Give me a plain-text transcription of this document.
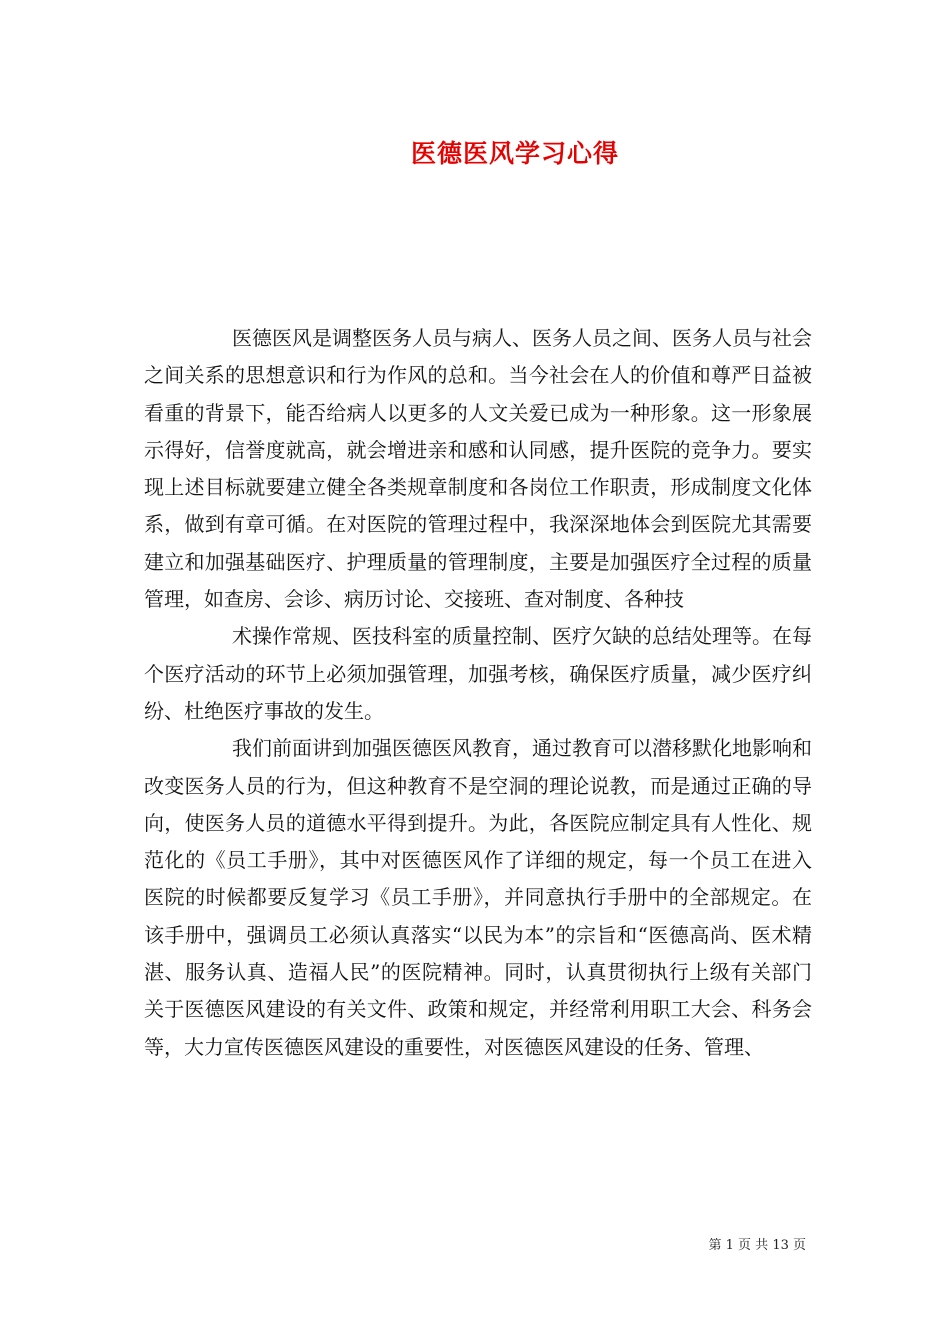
医德医风学习心得

医德医风是调整医务人员与病人、医务人员之间、医务人员与社会之间关系的思想意识和行为作风的总和。当今社会在人的价值和尊严日益被看重的背景下，能否给病人以更多的人文关爱已成为一种形象。这一形象展示得好，信誉度就高，就会增进亲和感和认同感，提升医院的竞争力。要实现上述目标就要建立健全各类规章制度和各岗位工作职责，形成制度文化体系，做到有章可循。在对医院的管理过程中，我深深地体会到医院尤其需要建立和加强基础医疗、护理质量的管理制度，主要是加强医疗全过程的质量管理，如查房、会诊、病历讨论、交接班、查对制度、各种技

术操作常规、医技科室的质量控制、医疗欠缺的总结处理等。在每个医疗活动的环节上必须加强管理，加强考核，确保医疗质量，减少医疗纠纷、杜绝医疗事故的发生。

我们前面讲到加强医德医风教育，通过教育可以潜移默化地影响和改变医务人员的行为，但这种教育不是空洞的理论说教，而是通过正确的导向，使医务人员的道德水平得到提升。为此，各医院应制定具有人性化、规范化的《员工手册》，其中对医德医风作了详细的规定，每一个员工在进入医院的时候都要反复学习《员工手册》，并同意执行手册中的全部规定。在该手册中，强调员工必须认真落实“以民为本”的宗旨和“医德高尚、医术精湛、服务认真、造福人民”的医院精神。同时，认真贯彻执行上级有关部门关于医德医风建设的有关文件、政策和规定，并经常利用职工大会、科务会等，大力宣传医德医风建设的重要性，对医德医风建设的任务、管理、

第 1 页 共 13 页
